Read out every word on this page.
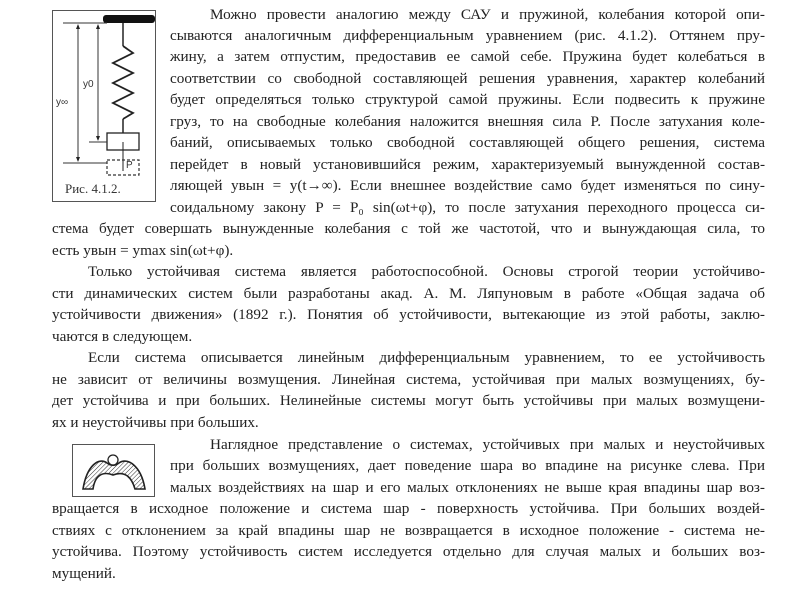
y0
y∞
P
Рис. 4.1.2.
Можно провести аналогию между САУ и пружиной, колебания которой опи-
сываются аналогичным дифференциальным уравнением (рис. 4.1.2). Оттянем пру-
жину, а затем отпустим, предоставив ее самой себе. Пружина будет колебаться в
соответствии со свободной составляющей решения уравнения, характер колебаний
будет определяться только структурой самой пружины. Если подвесить к пружине
груз, то на свободные колебания наложится внешняя сила P. После затухания коле-
баний, описываемых только свободной составляющей общего решения, система
перейдет в новый установившийся режим, характеризуемый вынужденной состав-
ляющей yвын = y(t→∞). Если внешнее воздействие само будет изменяться по сину-
соидальному закону P = P₀ sin(ωt+φ), то после затухания переходного процесса си-
стема будет совершать вынужденные колебания с той же частотой, что и вынуждающая сила, то
есть yвын = ymax sin(ωt+φ).
Только устойчивая система является работоспособной. Основы строгой теории устойчиво-
сти динамических систем были разработаны акад. А. М. Ляпуновым в работе «Общая задача об
устойчивости движения» (1892 г.). Понятия об устойчивости, вытекающие из этой работы, заклю-
чаются в следующем.
Если система описывается линейным дифференциальным уравнением, то ее устойчивость
не зависит от величины возмущения. Линейная система, устойчивая при малых возмущениях, бу-
дет устойчива и при больших. Нелинейные системы могут быть устойчивы при малых возмущени-
ях и неустойчивы при больших.
Наглядное представление о системах, устойчивых при малых и неустойчивых
при больших возмущениях, дает поведение шара во впадине на рисунке слева. При
малых воздействиях на шар и его малых отклонениях не выше края впадины шар воз-
вращается в исходное положение и система шар - поверхность устойчива. При больших воздей-
ствиях с отклонением за край впадины шар не возвращается в исходное положение - система не-
устойчива. Поэтому устойчивость систем исследуется отдельно для случая малых и больших воз-
мущений.
